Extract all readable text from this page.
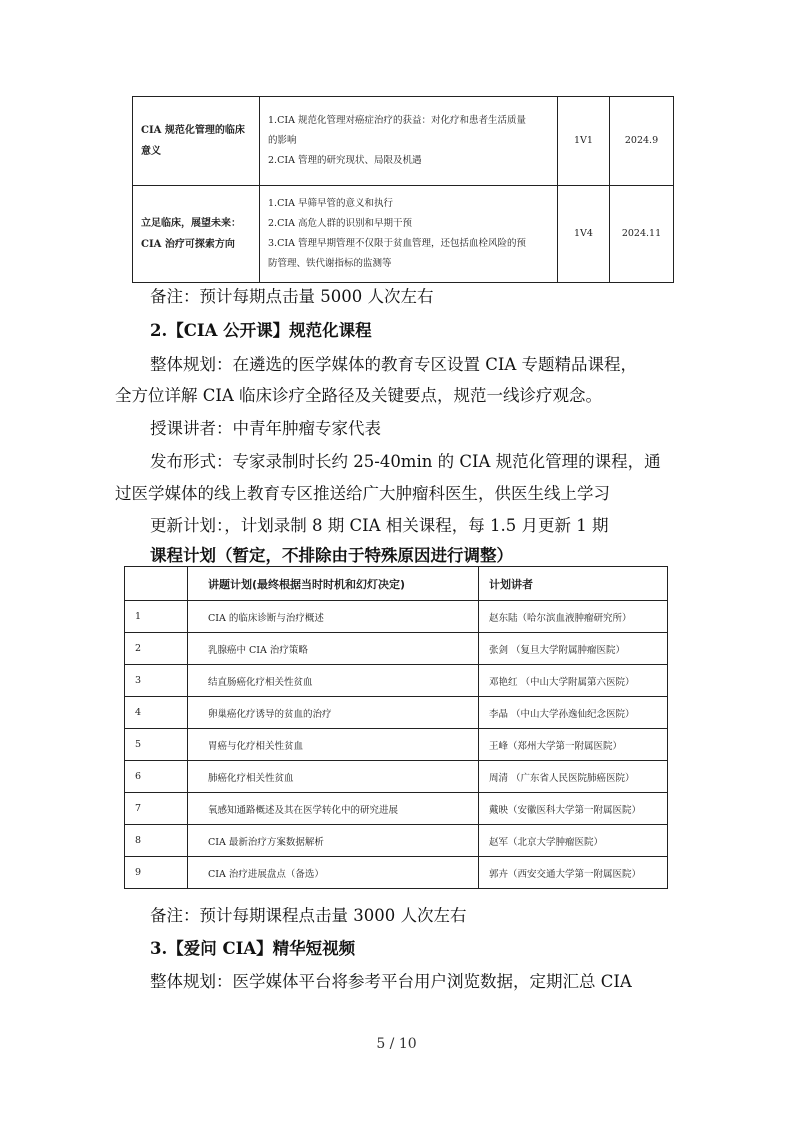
CIA 规范化管理的临床
意义	1.CIA 规范化管理对癌症治疗的获益：对化疗和患者生活质量
的影响
2.CIA 管理的研究现状、局限及机遇	1V1	2024.9

立足临床，展望未来：
CIA 治疗可探索方向	1.CIA 早筛早管的意义和执行
2.CIA 高危人群的识别和早期干预
3.CIA 管理早期管理不仅限于贫血管理，还包括血栓风险的预
防管理、铁代谢指标的监测等	1V4	2024.11
备注：预计每期点击量 5000 人次左右
2.【CIA 公开课】规范化课程
整体规划：在遴选的医学媒体的教育专区设置 CIA 专题精品课程，
全方位详解 CIA 临床诊疗全路径及关键要点，规范一线诊疗观念。
授课讲者：中青年肿瘤专家代表
发布形式：专家录制时长约 25-40min 的 CIA 规范化管理的课程，通
过医学媒体的线上教育专区推送给广大肿瘤科医生，供医生线上学习
更新计划：，计划录制 8 期 CIA 相关课程，每 1.5 月更新 1 期
课程计划（暂定，不排除由于特殊原因进行调整）
	讲题计划(最终根据当时时机和幻灯决定)	计划讲者
1	CIA 的临床诊断与治疗概述	赵东陆（哈尔滨血液肿瘤研究所）
2	乳腺癌中 CIA 治疗策略	张剑 （复旦大学附属肿瘤医院）
3	结直肠癌化疗相关性贫血	邓艳红 （中山大学附属第六医院）
4	卵巢癌化疗诱导的贫血的治疗	李晶 （中山大学孙逸仙纪念医院）
5	胃癌与化疗相关性贫血	王峰（郑州大学第一附属医院）
6	肺癌化疗相关性贫血	周清 （广东省人民医院肺癌医院）
7	氧感知通路概述及其在医学转化中的研究进展	戴映（安徽医科大学第一附属医院）
8	CIA 最新治疗方案数据解析	赵军（北京大学肿瘤医院）
9	CIA 治疗进展盘点（备选）	郭卉（西安交通大学第一附属医院）
备注：预计每期课程点击量 3000 人次左右
3.【爱问 CIA】精华短视频
整体规划：医学媒体平台将参考平台用户浏览数据，定期汇总 CIA
5 / 10
